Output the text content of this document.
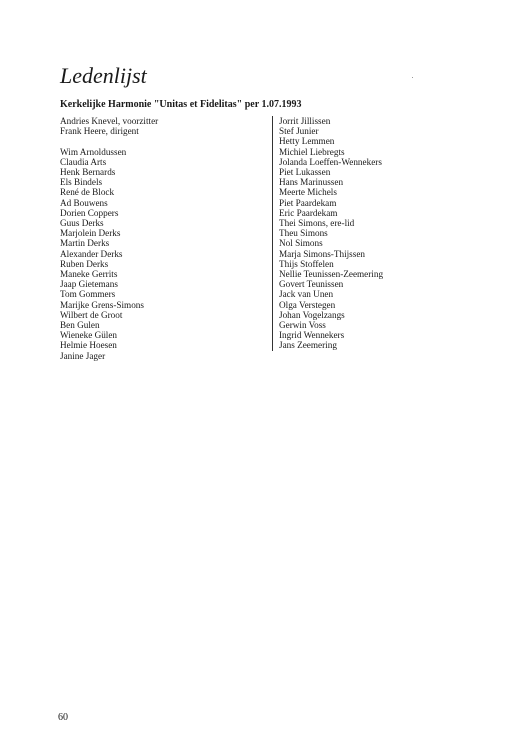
Ledenlijst

Kerkelijke Harmonie "Unitas et Fidelitas" per 1.07.1993

Andries Knevel, voorzitter
Frank Heere, dirigent
Wim Arnoldussen
Claudia Arts
Henk Bernards
Els Bindels
René de Block
Ad Bouwens
Dorien Coppers
Guus Derks
Marjolein Derks
Martin Derks
Alexander Derks
Ruben Derks
Maneke Gerrits
Jaap Gietemans
Tom Gommers
Marijke Grens-Simons
Wilbert de Groot
Ben Gulen
Wieneke Gülen
Helmie Hoesen
Janine Jager
Jorrit Jillissen
Stef Junier
Hetty Lemmen
Michiel Liebregts
Jolanda Loeffen-Wennekers
Piet Lukassen
Hans Marinussen
Meerte Michels
Piet Paardekam
Eric Paardekam
Thei Simons, ere-lid
Theu Simons
Nol Simons
Marja Simons-Thijssen
Thijs Stoffelen
Nellie Teunissen-Zeemering
Govert Teunissen
Jack van Unen
Olga Verstegen
Johan Vogelzangs
Gerwin Voss
Ingrid Wennekers
Jans Zeemering
60
